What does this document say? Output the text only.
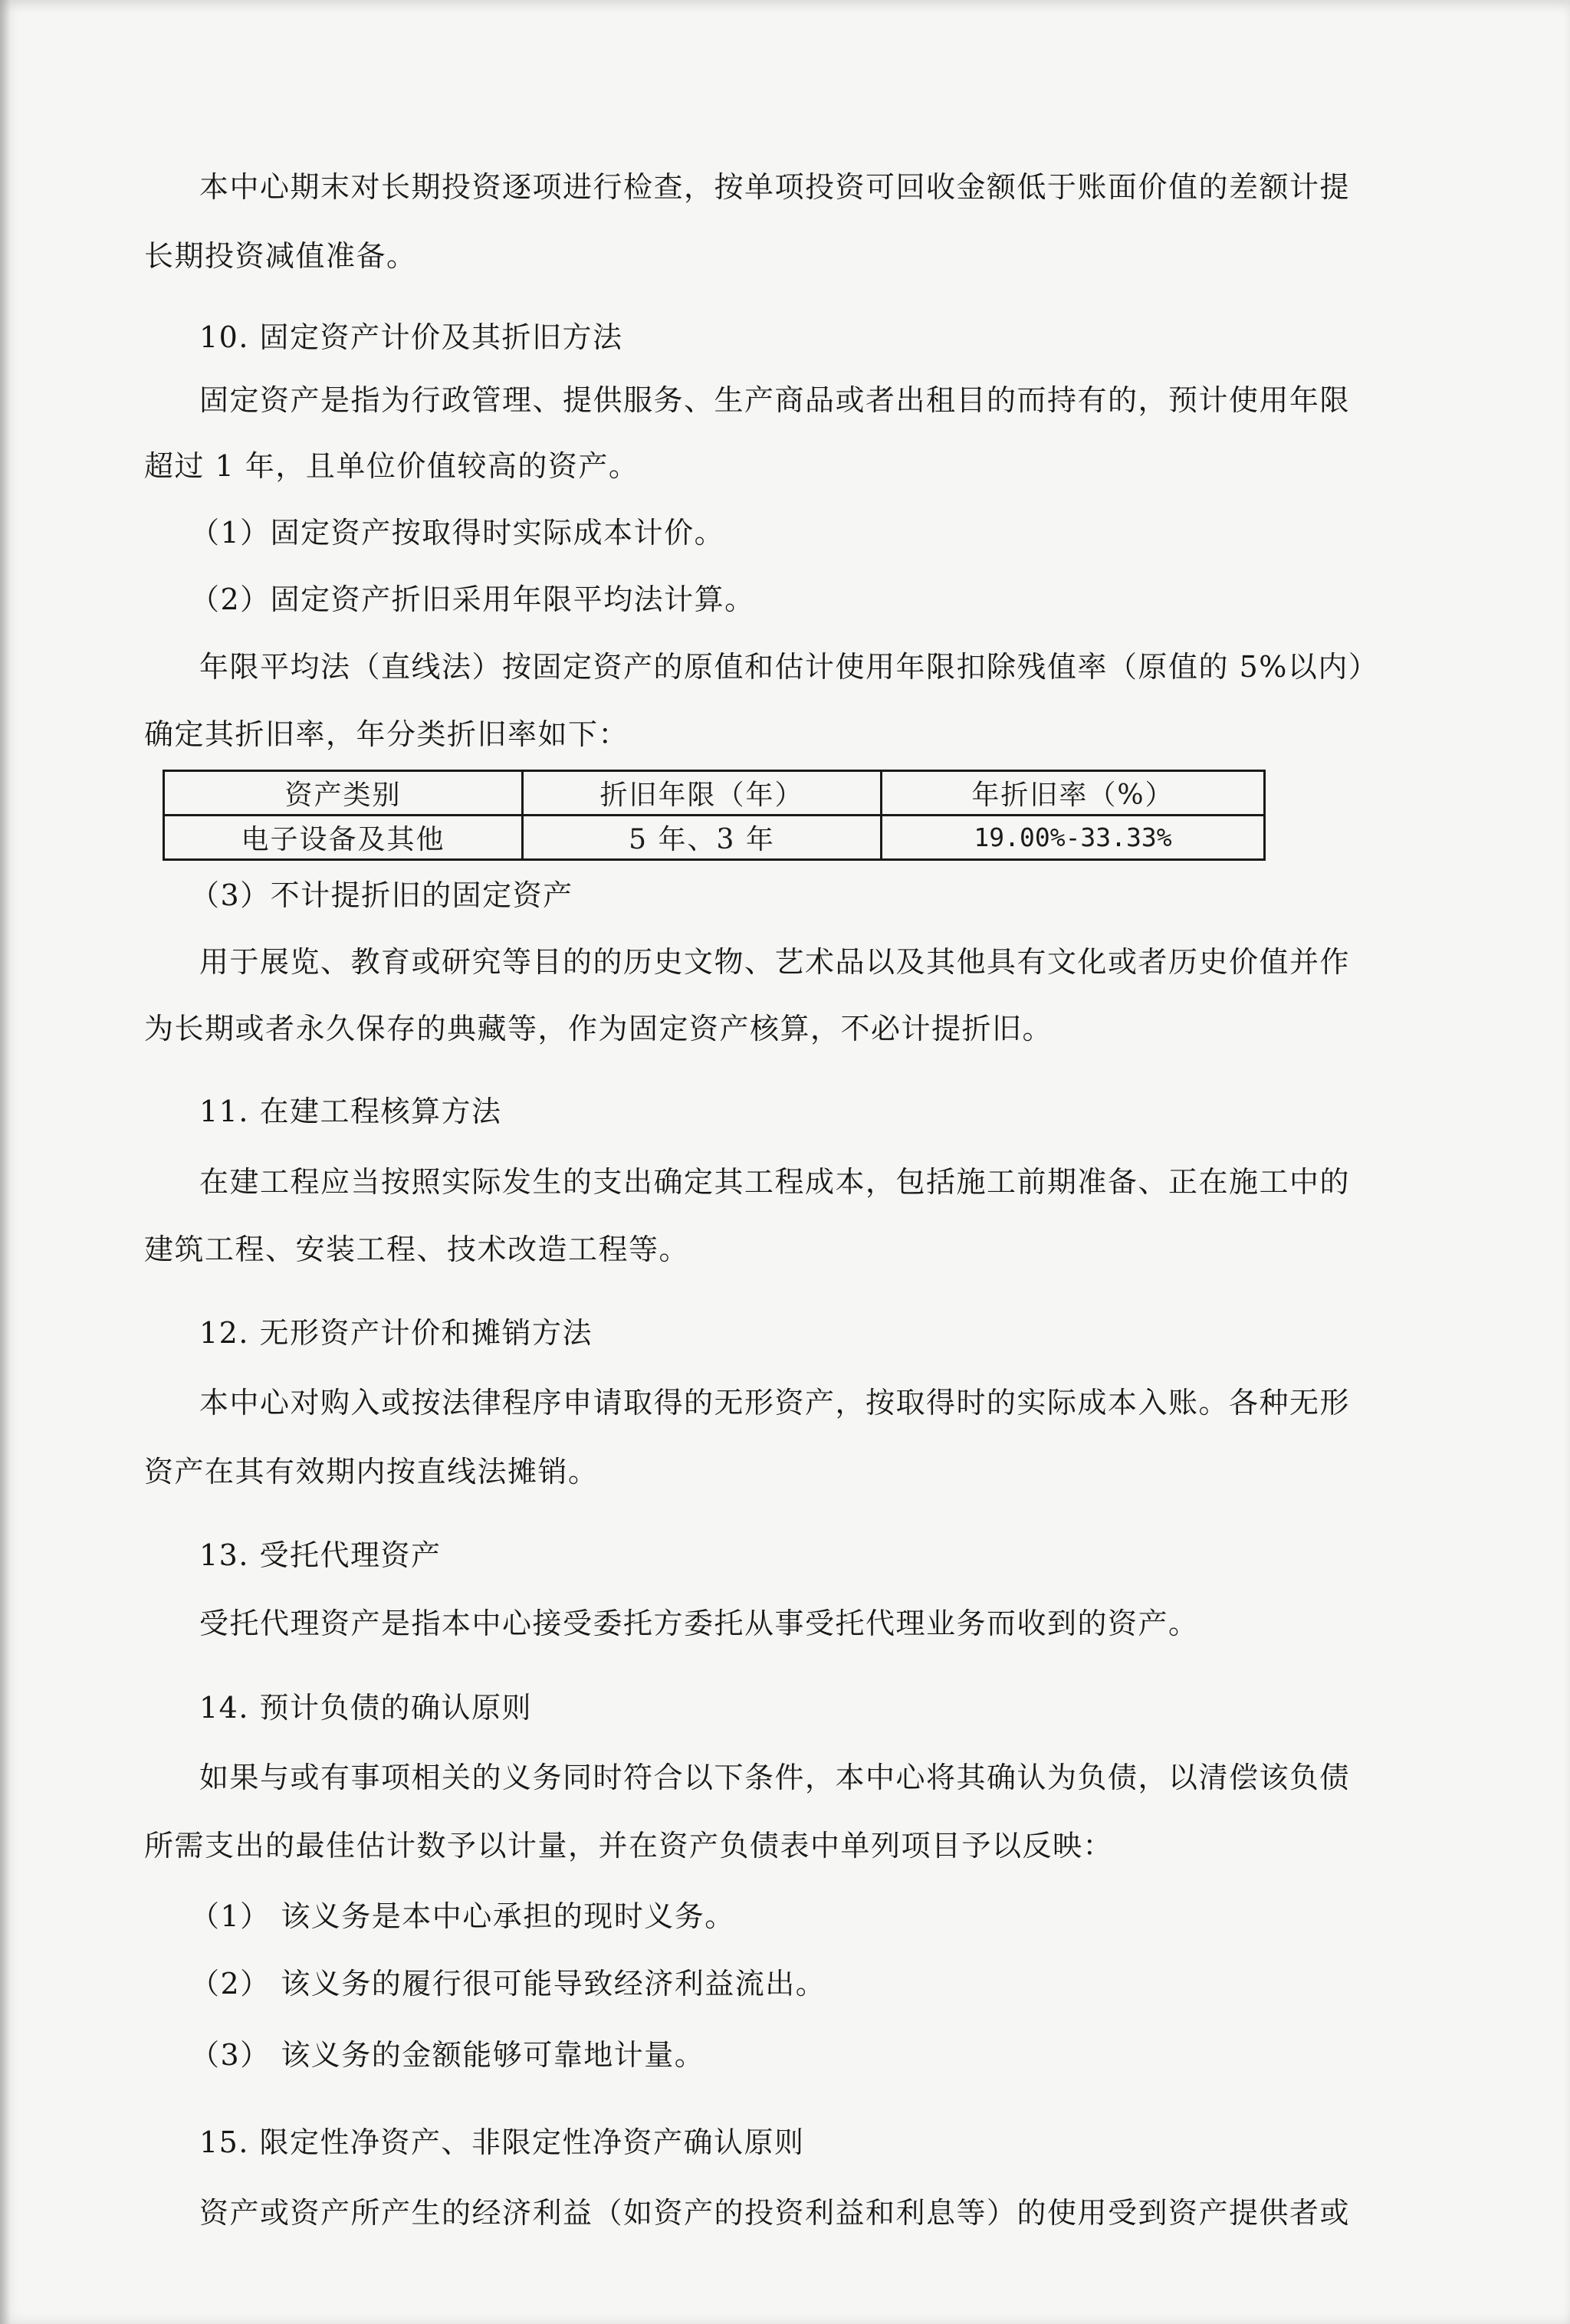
本中心期末对长期投资逐项进行检查，按单项投资可回收金额低于账面价值的差额计提
长期投资减值准备。
10. 固定资产计价及其折旧方法
固定资产是指为行政管理、提供服务、生产商品或者出租目的而持有的，预计使用年限
超过 1 年，且单位价值较高的资产。
（1）固定资产按取得时实际成本计价。
（2）固定资产折旧采用年限平均法计算。
年限平均法（直线法）按固定资产的原值和估计使用年限扣除残值率（原值的 5%以内）
确定其折旧率，年分类折旧率如下：
资产类别	折旧年限（年）	年折旧率（%）
电子设备及其他	5 年、3 年	19.00%-33.33%
（3）不计提折旧的固定资产
用于展览、教育或研究等目的的历史文物、艺术品以及其他具有文化或者历史价值并作
为长期或者永久保存的典藏等，作为固定资产核算，不必计提折旧。
11. 在建工程核算方法
在建工程应当按照实际发生的支出确定其工程成本，包括施工前期准备、正在施工中的
建筑工程、安装工程、技术改造工程等。
12. 无形资产计价和摊销方法
本中心对购入或按法律程序申请取得的无形资产，按取得时的实际成本入账。各种无形
资产在其有效期内按直线法摊销。
13. 受托代理资产
受托代理资产是指本中心接受委托方委托从事受托代理业务而收到的资产。
14. 预计负债的确认原则
如果与或有事项相关的义务同时符合以下条件，本中心将其确认为负债，以清偿该负债
所需支出的最佳估计数予以计量，并在资产负债表中单列项目予以反映：
（1） 该义务是本中心承担的现时义务。
（2） 该义务的履行很可能导致经济利益流出。
（3） 该义务的金额能够可靠地计量。
15. 限定性净资产、非限定性净资产确认原则
资产或资产所产生的经济利益（如资产的投资利益和利息等）的使用受到资产提供者或
